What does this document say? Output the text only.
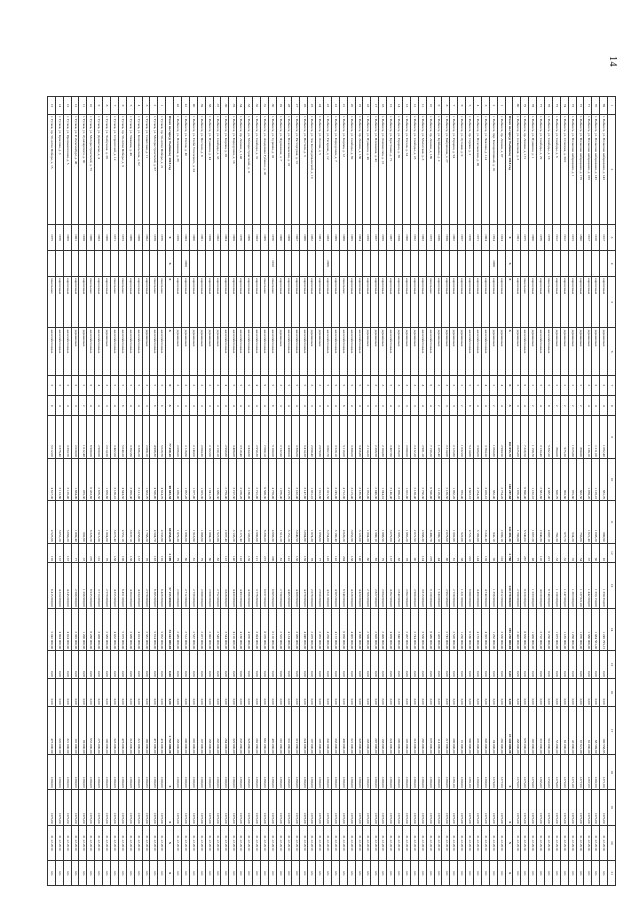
14
1	2	3	4	5	6	7	8	9	10	11	12	13	14	15	16	17	18	19	20	21
69	г. Рыбинск, ул. Волжская набережная, д. 143	1917		кирпичные	деревянные	3	4	1 062,40	981,70	980,80	45	1 350 354,00	1 249 795,15	0,00	0,00	100 558,85	1271,00	1373,00	31.12.2018	п/п
70	г. Рыбинск, ул. Волжская набережная, д. 145	1910		кирпичные	деревянные	3	4	1 211,00	1 129,10	1 098,20	60	1 553 150,00	1 484 561,00	0,00	0,00	68 589,00	1282,00	1373,00	31.12.2018	п/п
71	г. Рыбинск, ул. Волжская набережная, д. 165	1917		кирпичные	деревянные	3	4	1 138,10	1 058,20	1 021,40	37	1 442 000,00	1 380 000,00	0,00	0,00	62 000,00	1267,00	1373,00	31.12.2018	п/п
72	г. Рыбинск, ул. Волжская набережная, д. 179	1890		кирпичные	деревянные	2	2	890,60	802,50	756,00	34	1 137 621,00	1 070 000,00	0,00	0,00	67 621,00	1277,00	1373,00	31.12.2018	п/п
73	г. Рыбинск, ул. Волжская набережная, д. 1	1915		кирпичные	деревянные	2	2	1 025,60	955,80	934,20	35	1 303 000,00	1 260 000,00	0,00	0,00	43 000,00	1271,00	1373,00	31.12.2018	п/п
74	г. Рыбинск, ул. Стоялова, д. 30/2	1912		кирпичные	деревянные	2	2	975,30	903,80	877,70	32	1 247 000,00	1 185 000,00	0,00	0,00	62 000,00	1279,00	1373,00	31.12.2018	п/п
75	г. Рыбинск, ул. Свободы, д. 6	1912		кирпичные	деревянные	2	2	884,00	820,70	782,30	33	1 130 000,00	1 075 000,00	0,00	0,00	55 000,00	1278,00	1373,00	31.12.2018	п/п
76	г. Рыбинск, ул. Свободы, д. 16	1978		панельные	железобетонные	5	8	5 392,20	4 987,40	4 887,10	215	6 740 000,00	6 230 000,00	0,00	0,00	510 000,00	1250,00	1373,00	31.12.2018	п/п
77	г. Рыбинск, ул. Свободы, д. 29	1976		кирпичные	железобетонные	5	4	3 134,40	2 881,60	2 840,30	120	4 020 000,00	3 710 000,00	0,00	0,00	310 000,00	1283,00	1373,00	31.12.2018	п/п
78	г. Рыбинск, ул. Пушкина, д. 1	1960		кирпичные	деревянные	2	2	1 198,70	1 102,10	1 067,20	48	1 533 000,00	1 430 000,00	0,00	0,00	103 000,00	1279,00	1373,00	31.12.2018	п/п
79	г. Рыбинск, пр. Ленина, д. 171	1975		панельные	железобетонные	9	4	7 320,50	6 690,40	6 540,00	287	9 320 000,00	8 650 000,00	0,00	0,00	670 000,00	1273,00	1373,00	31.12.2018	п/п
80	г. Рыбинск, ул. Солнечная, д. 3	1961		кирпичные	деревянные	3	3	2 025,00	1 870,40	1 780,80	75	2 590 000,00	2 402 000,00	0,00	0,00	188 000,00	1279,00	1373,00	31.12.2018	п/п
	Итого по городу Рыбинску 2018 год	X	X	X	X	X	X	161 055,70	148 287,60	144 491,30	4 788	210 370 000,00	195 230 000,00	0,00	0,00	15 140 000,00	X	X	X	X
1	г. Рыбинск, пр. Ленина, д. 87	1934		кирпичные	деревянные	4	4	2 984,50	2 754,20	2 690,10	118	3 812 000,00	3 530 000,00	0,00	0,00	282 000,00	1277,00	1373,00	31.12.2019	п/п
2	г. Рыбинск, пер. Кооперативный, д. 10	1954	2008	кирпичные	деревянные	2	2	1 064,80	982,40	941,10	36	1 356 000,00	1 262 000,00	0,00	0,00	94 000,00	1274,00	1373,00	31.12.2019	п/п
3	г. Рыбинск, ул. Чкалова, д. 114	1964		кирпичные	железобетонные	4	4	3 704,20	3 416,10	3 341,40	139	4 740 000,00	4 395 000,00	0,00	0,00	345 000,00	1280,00	1373,00	31.12.2019	п/п
4	г. Рыбинск, ул. Волочаевская, д. 46	1971		кирпичные	железобетонные	5	4	3 508,00	3 234,30	3 169,60	144	4 490 000,00	4 155 000,00	0,00	0,00	335 000,00	1280,00	1373,00	31.12.2019	п/п
5	г. Рыбинск, пр. Серова, д. 2	1970		кирпичные	железобетонные	5	6	5 214,60	4 823,10	4 722,10	210	6 680 000,00	6 180 000,00	0,00	0,00	500 000,00	1281,00	1373,00	31.12.2019	п/п
6	г. Рыбинск, ул. Луговая, д. 9	1957		кирпичные	деревянные	2	2	1 032,00	955,40	922,00	38	1 321 000,00	1 230 000,00	0,00	0,00	91 000,00	1280,00	1373,00	31.12.2019	п/п
7	г. Рыбинск, ул. Герцена, д. 94	1962		кирпичные	деревянные	3	3	2 123,60	1 962,20	1 902,80	81	2 720 000,00	2 520 000,00	0,00	0,00	200 000,00	1281,00	1373,00	31.12.2019	п/п
8	г. Рыбинск, ул. Бабушкина, д. 27	1958		кирпичные	деревянные	3	3	2 314,00	2 139,50	2 076,60	86	2 962 000,00	2 745 000,00	0,00	0,00	217 000,00	1280,00	1373,00	31.12.2019	п/п
9	г. Рыбинск, ул. Куйбышева, д. 2	1936		кирпичные	деревянные	2	2	1 205,40	1 116,00	1 080,10	44	1 543 000,00	1 429 000,00	0,00	0,00	114 000,00	1280,00	1373,00	31.12.2019	п/п
10	г. Рыбинск, пр. Ленина, д. 186	1973		панельные	железобетонные	9	4	7 150,20	6 590,00	6 480,70	276	9 150 000,00	8 480 000,00	0,00	0,00	670 000,00	1280,00	1373,00	31.12.2019	п/п
11	г. Рыбинск, ул. Мологская, д. 3	1963		кирпичные	железобетонные	4	4	2 981,10	2 750,30	2 688,30	124	3 815 000,00	3 530 000,00	0,00	0,00	285 000,00	1280,00	1373,00	31.12.2019	п/п
12	г. Рыбинск, ул. Свободы, д. 23	1952		кирпичные	деревянные	3	3	2 312,20	2 138,40	2 072,90	90	2 960 000,00	2 744 000,00	0,00	0,00	216 000,00	1280,00	1373,00	31.12.2019	п/п
13	г. Рыбинск, ул. Гоголя, д. 24	1960		кирпичные	деревянные	3	3	2 080,00	1 922,00	1 865,20	78	2 662 000,00	2 467 000,00	0,00	0,00	195 000,00	1280,00	1373,00	31.12.2019	п/п
14	г. Рыбинск, ул. Герцена, д. 36	1958		кирпичные	деревянные	3	3	2 226,00	2 056,10	1 995,70	83	2 849 000,00	2 640 000,00	0,00	0,00	209 000,00	1280,00	1373,00	31.12.2019	п/п
15	г. Рыбинск, ул. Крестовая, д. 71	1967		кирпичные	железобетонные	5	4	3 407,60	3 140,40	3 079,00	137	4 362 000,00	4 038 000,00	0,00	0,00	324 000,00	1280,00	1373,00	31.12.2019	п/п
16	г. Рыбинск, ул. Ломоносова, д. 13	1959		кирпичные	деревянные	3	3	2 104,80	1 944,10	1 886,50	79	2 694 000,00	2 496 000,00	0,00	0,00	198 000,00	1280,00	1373,00	31.12.2019	п/п
17	г. Рыбинск, ул. Плеханова, д. 43	1957		кирпичные	деревянные	3	3	2 208,50	2 040,30	1 980,10	85	2 827 000,00	2 620 000,00	0,00	0,00	207 000,00	1280,00	1373,00	31.12.2019	п/п
18	г. Рыбинск, ул. Пушкина, д. 46	1959		кирпичные	деревянные	3	3	2 114,20	1 953,00	1 894,30	80	2 706 000,00	2 508 000,00	0,00	0,00	198 000,00	1280,00	1373,00	31.12.2019	п/п
19	г. Рыбинск, пр. Ленина, д. 136	1964		кирпичные	железобетонные	5	4	3 456,80	3 185,60	3 122,00	140	4 424 000,00	4 096 000,00	0,00	0,00	328 000,00	1280,00	1373,00	31.12.2019	п/п
20	г. Рыбинск, ул. Свободы, д. 69	1965		кирпичные	железобетонные	5	4	3 380,00	3 115,40	3 052,90	138	4 326 000,00	4 005 000,00	0,00	0,00	321 000,00	1280,00	1373,00	31.12.2019	п/п
21	г. Рыбинск, ул. Кирова, д. 12	1968		панельные	железобетонные	5	6	5 110,00	4 712,90	4 620,20	204	6 540 000,00	6 050 000,00	0,00	0,00	490 000,00	1280,00	1373,00	31.12.2019	п/п
22	г. Рыбинск, ул. Бородулина, д. 7	1969		кирпичные	железобетонные	5	4	3 520,10	3 245,00	3 180,40	142	4 505 000,00	4 172 000,00	0,00	0,00	333 000,00	1280,00	1373,00	31.12.2019	п/п
23	г. Рыбинск, ул. Гагарина, д. 12	1963	2009	кирпичные	железобетонные	5	4	3 602,70	3 321,50	3 254,00	145	4 611 000,00	4 269 000,00	0,00	0,00	342 000,00	1280,00	1373,00	31.12.2019	п/п
24	г. Рыбинск, ул. Лосева, д. 5	1961		кирпичные	деревянные	3	3	2 070,60	1 912,80	1 856,60	77	2 650 000,00	2 455 000,00	0,00	0,00	195 000,00	1280,00	1373,00	31.12.2019	п/п
25	г. Рыбинск, ул. Зои Космодемьянской, д. 19	1962		кирпичные	деревянные	3	3	2 090,40	1 931,10	1 874,30	78	2 676 000,00	2 479 000,00	0,00	0,00	197 000,00	1280,00	1373,00	31.12.2019	п/п
26	г. Рыбинск, ул. Пестеля, д. 3	1966		кирпичные	железобетонные	5	4	3 414,20	3 147,00	3 084,80	139	4 370 000,00	4 046 000,00	0,00	0,00	324 000,00	1280,00	1373,00	31.12.2019	п/п
27	г. Рыбинск, ул. Расторгуева, д. 13	1967		кирпичные	железобетонные	5	4	3 366,00	3 102,40	3 040,50	136	4 308 000,00	3 989 000,00	0,00	0,00	319 000,00	1280,00	1373,00	31.12.2019	п/п
28	г. Рыбинск, ул. Волочаевская, д. 18	1968		кирпичные	железобетонные	5	4	3 488,00	3 215,70	3 151,20	141	4 465 000,00	4 134 000,00	0,00	0,00	331 000,00	1280,00	1373,00	31.12.2019	п/п
29	г. Рыбинск, ул. Фурманова, д. 7	1960		кирпичные	деревянные	3	3	2 132,90	1 970,40	1 912,20	81	2 730 000,00	2 529 000,00	0,00	0,00	201 000,00	1280,00	1373,00	31.12.2019	п/п
30	г. Рыбинск, ул. Суркова, д. 32	1970	2010	панельные	железобетонные	5	6	5 160,00	4 759,00	4 666,30	206	6 605 000,00	6 110 000,00	0,00	0,00	495 000,00	1280,00	1373,00	31.12.2019	п/п
31	г. Рыбинск, ул. Академика Губкина, д. 20	1969		панельные	железобетонные	9	4	7 060,10	6 508,30	6 399,00	273	9 037 000,00	8 376 000,00	0,00	0,00	661 000,00	1280,00	1373,00	31.12.2019	п/п
32	г. Рыбинск, ул. Свободы, д. 31	1963		кирпичные	железобетонные	4	4	2 950,30	2 722,00	2 660,60	121	3 776 000,00	3 494 000,00	0,00	0,00	282 000,00	1280,00	1373,00	31.12.2019	п/п
33	г. Рыбинск, ул. Моторостроителей, д. 11	1966		кирпичные	железобетонные	5	4	3 434,60	3 166,00	3 103,00	139	4 396 000,00	4 070 000,00	0,00	0,00	326 000,00	1280,00	1373,00	31.12.2019	п/п
34	г. Рыбинск, пр. Ленина, д. 148	1970		кирпичные	железобетонные	5	4	3 510,40	3 236,20	3 171,40	142	4 493 000,00	4 160 000,00	0,00	0,00	333 000,00	1280,00	1373,00	31.12.2019	п/п
35	г. Рыбинск, ул. Бородулина, д. 16	1968		кирпичные	железобетонные	5	4	3 468,00	3 197,30	3 133,20	140	4 439 000,00	4 110 000,00	0,00	0,00	329 000,00	1280,00	1373,00	31.12.2019	п/п
36	г. Рыбинск, ул. Кирова, д. 28	1964		кирпичные	железобетонные	4	4	2 990,80	2 759,40	2 697,40	123	3 828 000,00	3 544 000,00	0,00	0,00	284 000,00	1280,00	1373,00	31.12.2019	п/п
37	г. Рыбинск, ул. Свободы, д. 33	1962		кирпичные	деревянные	3	3	2 150,10	1 986,30	1 927,80	82	2 752 000,00	2 549 000,00	0,00	0,00	203 000,00	1280,00	1373,00	31.12.2019	п/п
38	г. Рыбинск, ул. Пушкина, д. 44	1958		кирпичные	деревянные	3	3	2 102,00	1 941,70	1 884,20	80	2 690 000,00	2 492 000,00	0,00	0,00	198 000,00	1280,00	1373,00	31.12.2019	п/п
39	г. Рыбинск, ул. Пестеля, д. 8	1961		кирпичные	деревянные	3	3	2 084,30	1 925,30	1 868,60	79	2 668 000,00	2 471 000,00	0,00	0,00	197 000,00	1280,00	1373,00	31.12.2019	п/п
40	г. Рыбинск, ул. Глеба Успенского, д. 24	1960		кирпичные	деревянные	3	3	2 140,00	1 977,00	1 918,80	81	2 739 000,00	2 537 000,00	0,00	0,00	202 000,00	1280,00	1373,00	31.12.2019	п/п
41	г. Рыбинск, ул. Гоголя, д. 40	1963	2009	кирпичные	деревянные	3	3	2 118,60	1 957,20	1 899,60	80	2 712 000,00	2 512 000,00	0,00	0,00	200 000,00	1280,00	1373,00	31.12.2019	п/п
42	г. Рыбинск, ул. Плеханова, д. 36	1959		кирпичные	деревянные	3	3	2 096,00	1 936,00	1 879,30	79	2 683 000,00	2 485 000,00	0,00	0,00	198 000,00	1280,00	1373,00	31.12.2019	п/п
	Итого по городу Рыбинску 2019 год	X	X	X	X	X	X	77 459,10	69 683,50	69 858,20	2 199	37 155 000,00	34 412 000,00	0,00	0,00	2 743 000,00	X	X	X	X
1	г. Тутаев, пр. 50-летия Победы, д. 21	1976		панельные	железобетонные	5	6	5 020,70	4 624,70	4 533,80	195	6 426 000,00	5 952 000,00	0,00	0,00	474 000,00	1280,00	1373,00	31.12.2019	п/п
2	г. Тутаев, ул. Моторостроителей, д. 67	1978		панельные	железобетонные	5	6	4 988,30	4 596,00	4 504,70	193	6 385 000,00	5 914 000,00	0,00	0,00	471 000,00	1280,00	1373,00	31.12.2019	п/п
3	г. Тутаев, ул. Советская, д. 11	1962		кирпичные	деревянные	3	3	2 008,10	1 853,70	1 798,20	76	2 570 000,00	2 381 000,00	0,00	0,00	189 000,00	1280,00	1373,00	31.12.2019	п/п
4	г. Тутаев, ул. Комсомольская, д. 62	1968		кирпичные	железобетонные	5	4	3 386,20	3 121,00	3 058,80	137	4 334 000,00	4 013 000,00	0,00	0,00	321 000,00	1280,00	1373,00	31.12.2019	п/п
5	г. Тутаев, ул. Ушакова, д. 46	1966		кирпичные	железобетонные	5	4	3 362,80	3 099,40	3 037,10	136	4 304 000,00	3 986 000,00	0,00	0,00	318 000,00	1280,00	1373,00	31.12.2019	п/п
6	г. Тутаев, пр. 50-летия Победы, д. 9	1973		панельные	железобетонные	5	6	5 040,20	4 644,50	4 551,10	196	6 451 000,00	5 975 000,00	0,00	0,00	476 000,00	1280,00	1373,00	31.12.2019	п/п
7	г. Тутаев, ул. Строителей, д. 12	1971		панельные	железобетонные	5	4	3 402,00	3 136,10	3 073,40	138	4 355 000,00	4 032 000,00	0,00	0,00	323 000,00	1280,00	1373,00	31.12.2019	п/п
8	г. Тутаев, ул. Толбухина, д. 38	1960		кирпичные	деревянные	3	3	2 014,50	1 859,60	1 804,00	76	2 579 000,00	2 389 000,00	0,00	0,00	190 000,00	1280,00	1373,00	31.12.2019	п/п
9	г. Тутаев, ул. Дементьева, д. 4	1963		кирпичные	железобетонные	4	4	2 900,60	2 676,50	2 615,90	119	3 713 000,00	3 438 000,00	0,00	0,00	275 000,00	1280,00	1373,00	31.12.2019	п/п
10	г. Тутаев, ул. Моторостроителей, д. 75	1980		панельные	железобетонные	9	4	6 980,00	6 433,60	6 326,20	270	8 935 000,00	8 280 000,00	0,00	0,00	655 000,00	1280,00	1373,00	31.12.2019	п/п
11	г. Тутаев, ул. Луначарского, д. 90	1958		кирпичные	деревянные	2	2	1 012,40	935,30	902,60	37	1 296 000,00	1 200 000,00	0,00	0,00	96 000,00	1280,00	1373,00	31.12.2019	п/п
12	г. Тутаев, ул. Р. Люксембург, д. 48	1961		кирпичные	деревянные	3	3	2 020,00	1 864,90	1 809,40	77	2 586 000,00	2 395 000,00	0,00	0,00	191 000,00	1280,00	1373,00	31.12.2019	п/п
13	г. Тутаев, ул. Промышленная, д. 5	1969		кирпичные	железобетонные	5	4	3 394,70	3 129,00	3 066,20	137	4 345 000,00	4 024 000,00	0,00	0,00	321 000,00	1280,00	1373,00	31.12.2019	п/п
14	г. Тутаев, ул. Крылова, д. 3	1970		кирпичные	железобетонные	5	4	3 378,40	3 113,80	3 051,20	137	4 324 000,00	4 004 000,00	0,00	0,00	320 000,00	1280,00	1373,00	31.12.2019	п/п
15	г. Тутаев, пр. 50-летия Победы, д. 15	1975		панельные	железобетонные	5	6	5 012,00	4 617,30	4 525,60	195	6 415 000,00	5 942 000,00	0,00	0,00	473 000,00	1280,00	1373,00	31.12.2019	п/п
